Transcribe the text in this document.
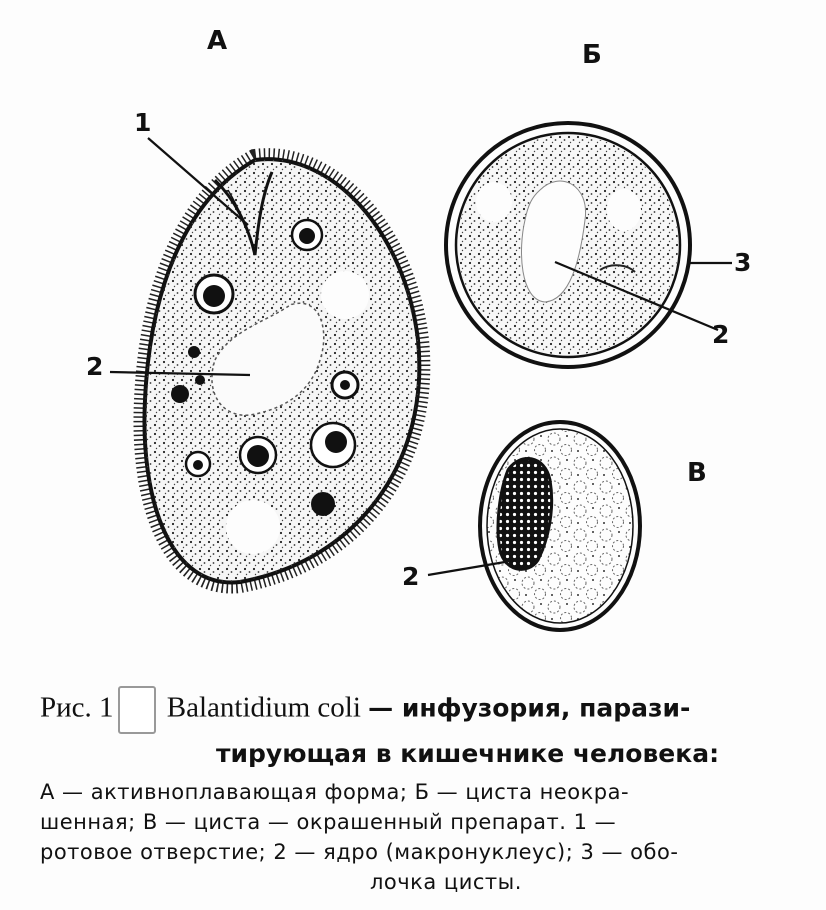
А	Б
В
1
2
2
3
2
Рис. 1 Balantidium coli — инфузория, парази-
тирующая в кишечнике человека:
А — активноплавающая форма; Б — циста неокра-
шенная; В — циста — окрашенный препарат. 1 —
ротовое отверстие; 2 — ядро (макронуклеус); 3 — обо-
лочка цисты.
